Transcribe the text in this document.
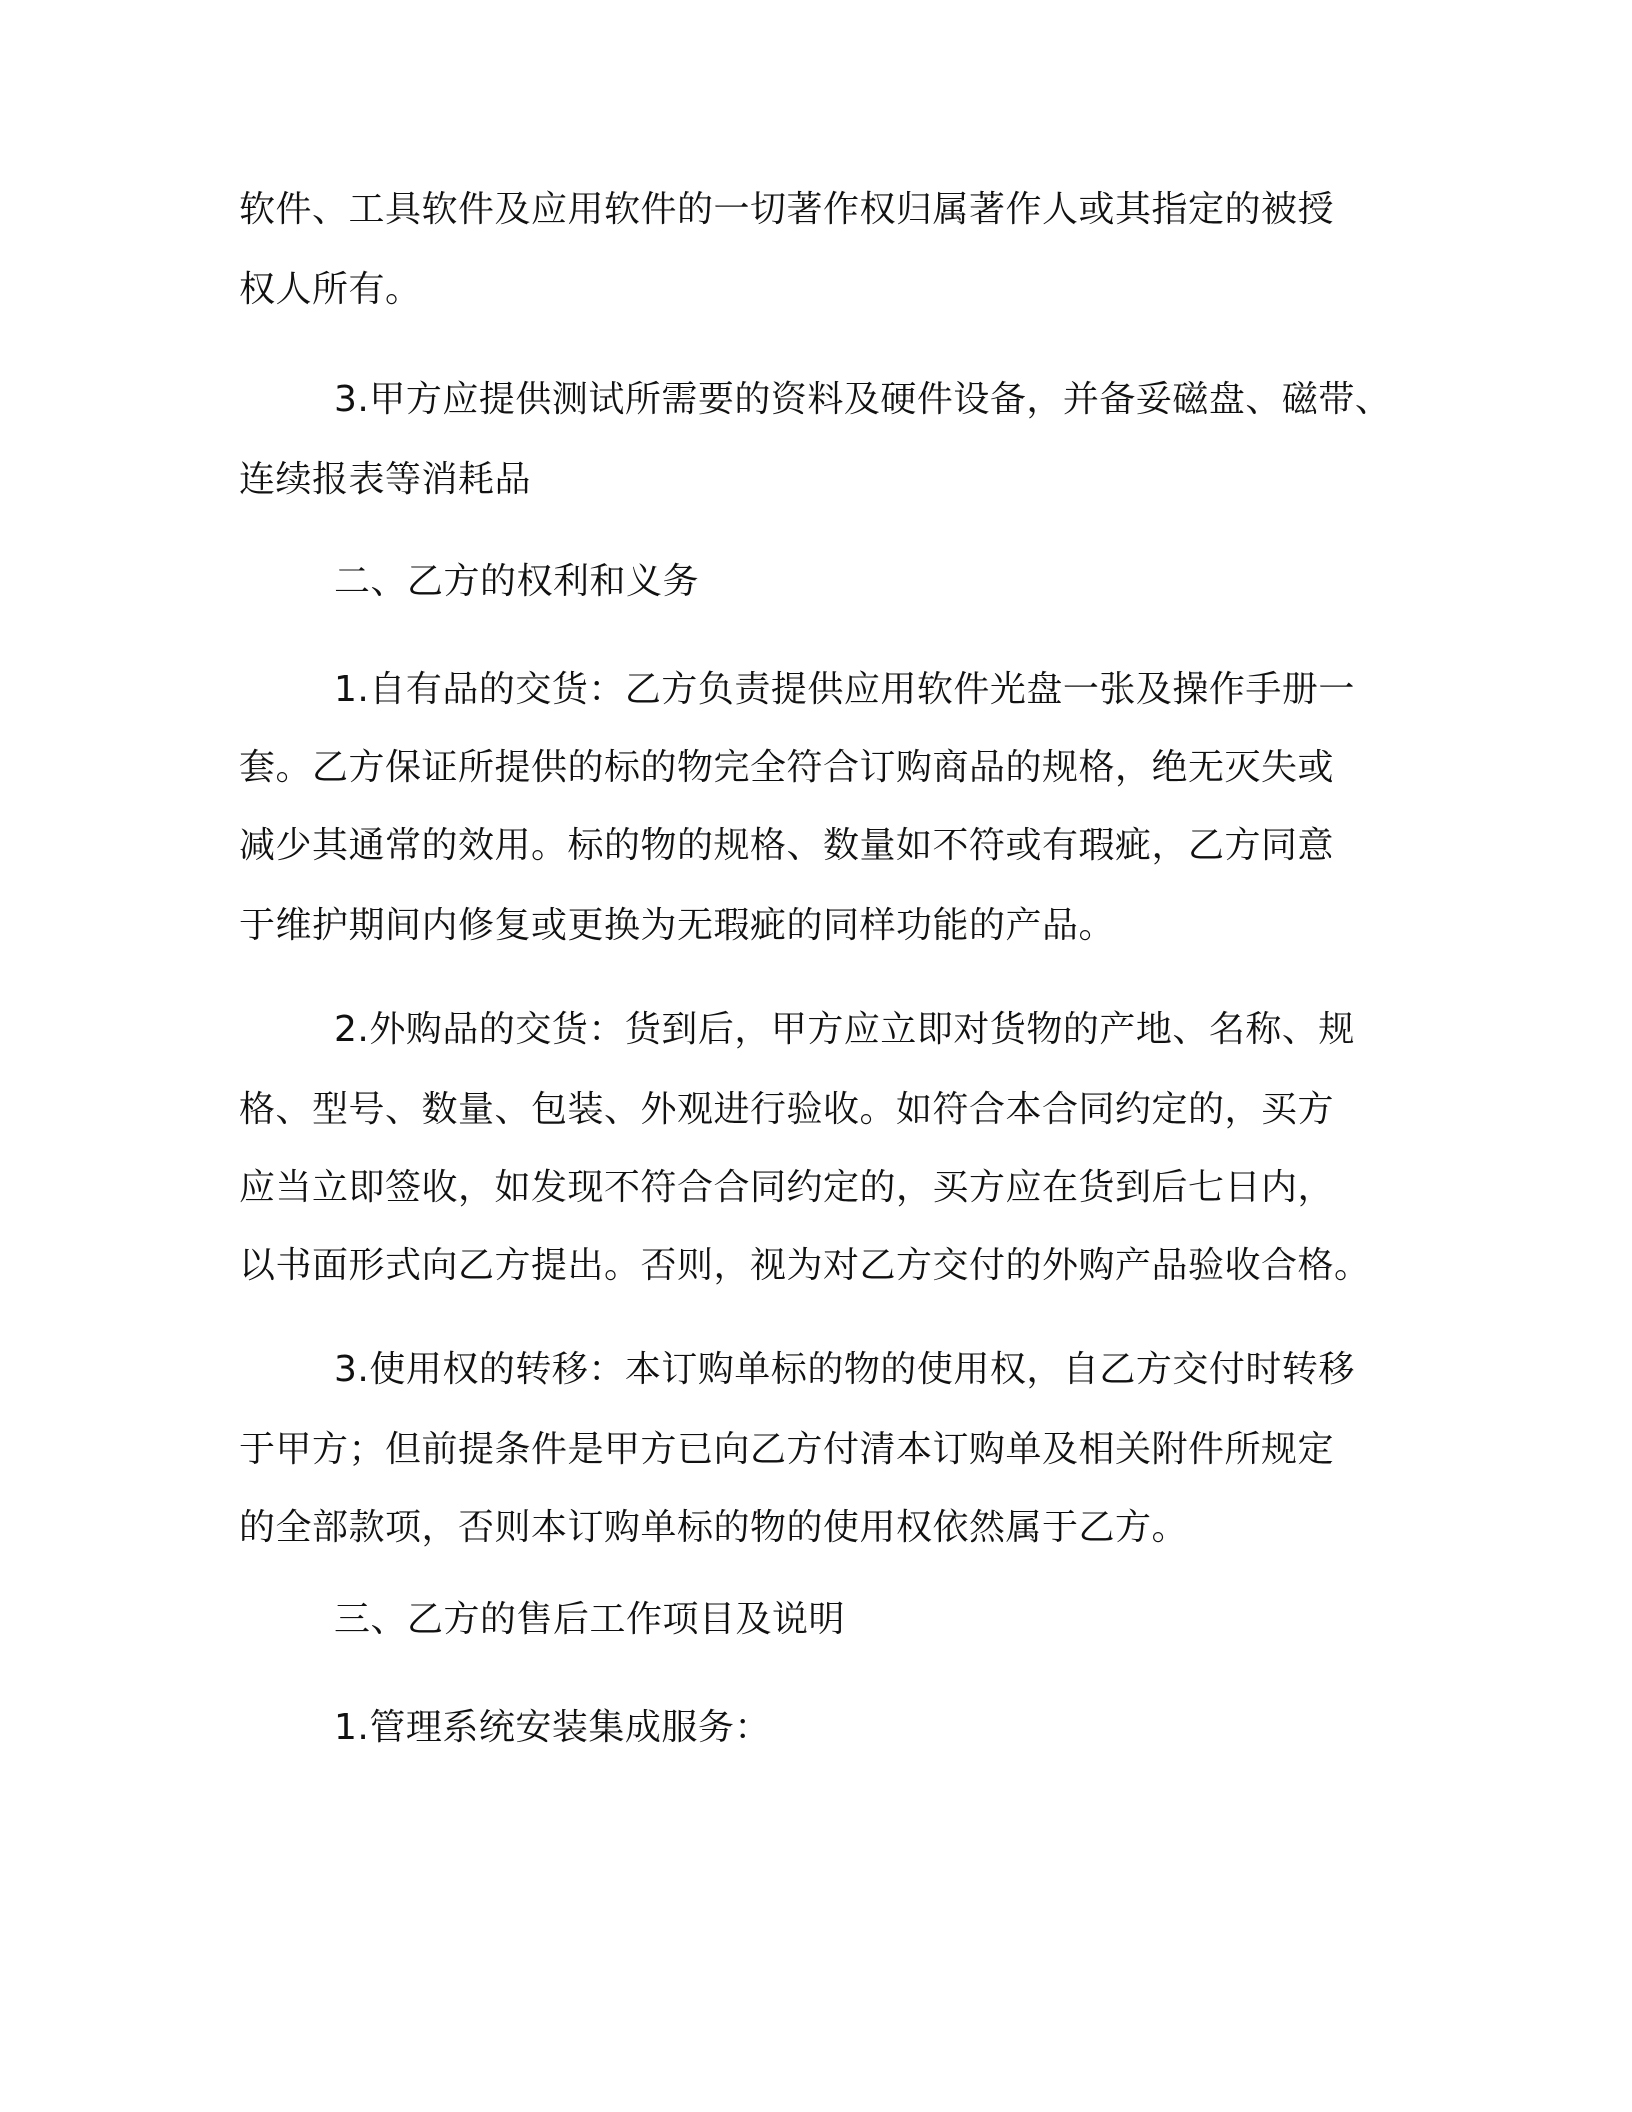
软件、工具软件及应用软件的一切著作权归属著作人或其指定的被授
权人所有。
3.甲方应提供测试所需要的资料及硬件设备，并备妥磁盘、磁带、
连续报表等消耗品
二、乙方的权利和义务
1.自有品的交货：乙方负责提供应用软件光盘一张及操作手册一
套。乙方保证所提供的标的物完全符合订购商品的规格，绝无灭失或
减少其通常的效用。标的物的规格、数量如不符或有瑕疵，乙方同意
于维护期间内修复或更换为无瑕疵的同样功能的产品。
2.外购品的交货：货到后，甲方应立即对货物的产地、名称、规
格、型号、数量、包装、外观进行验收。如符合本合同约定的，买方
应当立即签收，如发现不符合合同约定的，买方应在货到后七日内，
以书面形式向乙方提出。否则，视为对乙方交付的外购产品验收合格。
3.使用权的转移：本订购单标的物的使用权，自乙方交付时转移
于甲方；但前提条件是甲方已向乙方付清本订购单及相关附件所规定
的全部款项，否则本订购单标的物的使用权依然属于乙方。
三、乙方的售后工作项目及说明
1.管理系统安装集成服务：
